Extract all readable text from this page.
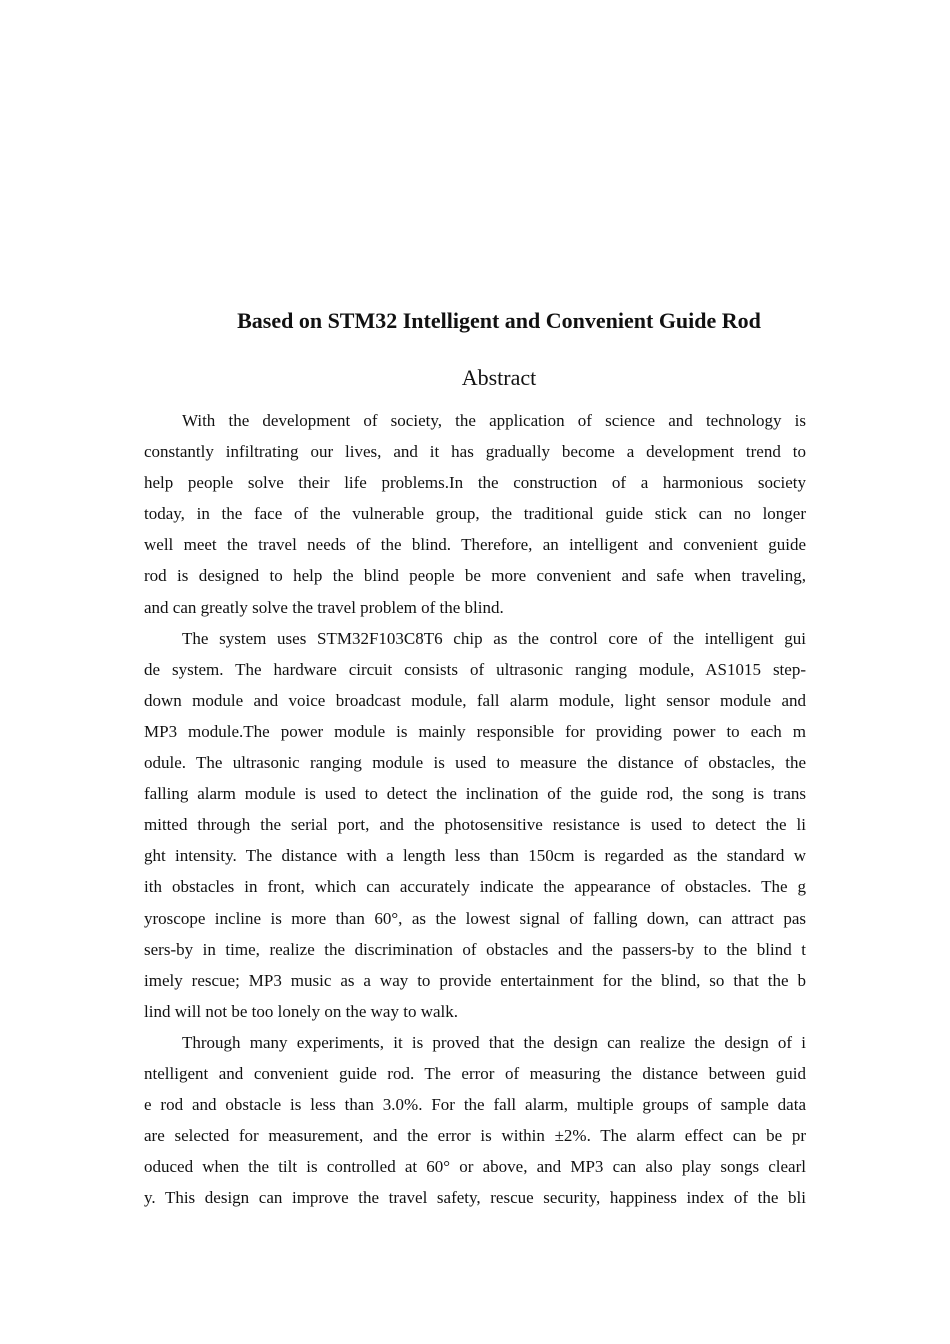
Based on STM32 Intelligent and Convenient Guide Rod
Abstract
With the development of society, the application of science and technology is
constantly infiltrating our lives, and it has gradually become a development trend to
help people solve their life problems.In the construction of a harmonious society
today, in the face of the vulnerable group, the traditional guide stick can no longer
well meet the travel needs of the blind. Therefore, an intelligent and convenient guide
rod is designed to help the blind people be more convenient and safe when traveling,
and can greatly solve the travel problem of the blind.
The system uses STM32F103C8T6 chip as the control core of the intelligent gui
de system. The hardware circuit consists of ultrasonic ranging module, AS1015 step-
down module and voice broadcast module, fall alarm module, light sensor module and
MP3 module.The power module is mainly responsible for providing power to each m
odule. The ultrasonic ranging module is used to measure the distance of obstacles, the
falling alarm module is used to detect the inclination of the guide rod, the song is trans
mitted through the serial port, and the photosensitive resistance is used to detect the li
ght intensity. The distance with a length less than 150cm is regarded as the standard w
ith obstacles in front, which can accurately indicate the appearance of obstacles. The g
yroscope incline is more than 60°, as the lowest signal of falling down, can attract pas
sers-by in time, realize the discrimination of obstacles and the passers-by to the blind t
imely rescue; MP3 music as a way to provide entertainment for the blind, so that the b
lind will not be too lonely on the way to walk.
Through many experiments, it is proved that the design can realize the design of i
ntelligent and convenient guide rod. The error of measuring the distance between guid
e rod and obstacle is less than 3.0%. For the fall alarm, multiple groups of sample data
are selected for measurement, and the error is within ±2%. The alarm effect can be pr
oduced when the tilt is controlled at 60° or above, and MP3 can also play songs clearl
y. This design can improve the travel safety, rescue security, happiness index of the bli
